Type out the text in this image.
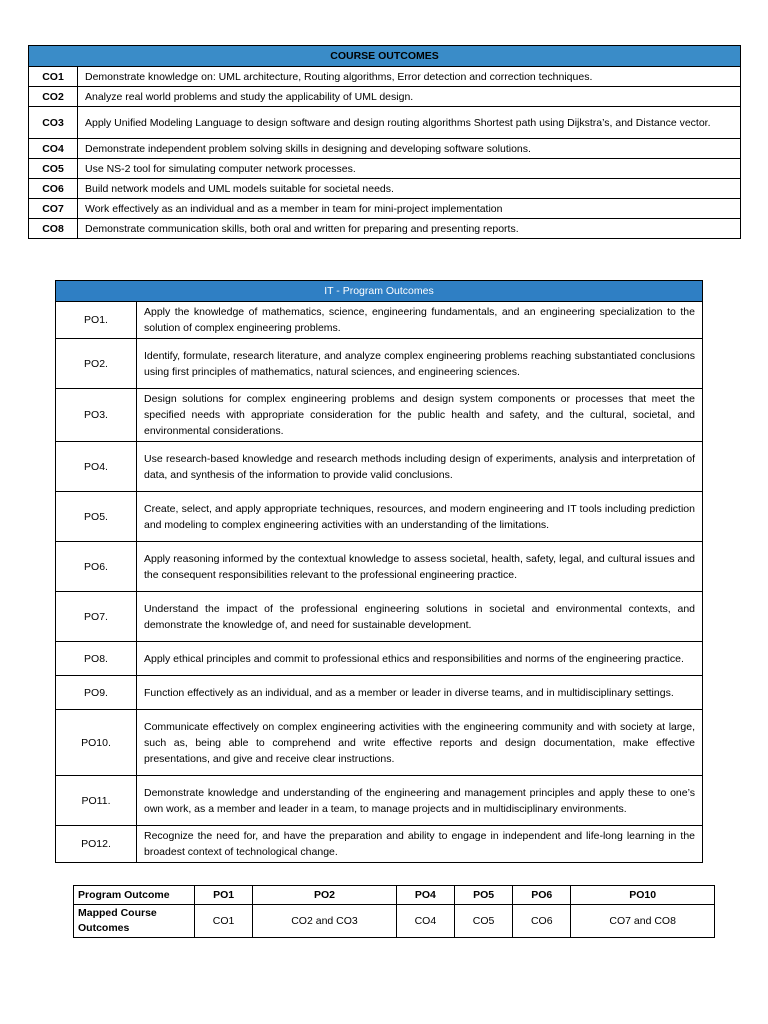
COURSE OUTCOMES	
CO1	Demonstrate knowledge on: UML architecture, Routing algorithms, Error detection and correction techniques.
CO2	Analyze real world problems and study the applicability of UML design.
CO3	Apply Unified Modeling Language to design software and design routing algorithms Shortest path using Dijkstra’s, and Distance vector.
CO4	Demonstrate independent problem solving skills in designing and developing software solutions.
CO5	Use NS-2 tool for simulating computer network processes.
CO6	Build network models and UML models suitable for societal needs.
CO7	Work effectively as an individual and as a member in team for mini-project implementation
CO8	Demonstrate communication skills, both oral and written for preparing and presenting reports.
IT - Program Outcomes	
PO1.	Apply the knowledge of mathematics, science, engineering fundamentals, and an engineering specialization to the solution of complex engineering problems.
PO2.	Identify, formulate, research literature, and analyze complex engineering problems reaching substantiated conclusions using first principles of mathematics, natural sciences, and engineering sciences.
PO3.	Design solutions for complex engineering problems and design system components or processes that meet the specified needs with appropriate consideration for the public health and safety, and the cultural, societal, and environmental considerations.
PO4.	Use research-based knowledge and research methods including design of experiments, analysis and interpretation of data, and synthesis of the information to provide valid conclusions.
PO5.	Create, select, and apply appropriate techniques, resources, and modern engineering and IT tools including prediction and modeling to complex engineering activities with an understanding of the limitations.
PO6.	Apply reasoning informed by the contextual knowledge to assess societal, health, safety, legal, and cultural issues and the consequent responsibilities relevant to the professional engineering practice.
PO7.	Understand the impact of the professional engineering solutions in societal and environmental contexts, and demonstrate the knowledge of, and need for sustainable development.
PO8.	Apply ethical principles and commit to professional ethics and responsibilities and norms of the engineering practice.
PO9.	Function effectively as an individual, and as a member or leader in diverse teams, and in multidisciplinary settings.
PO10.	Communicate effectively on complex engineering activities with the engineering community and with society at large, such as, being able to comprehend and write effective reports and design documentation, make effective presentations, and give and receive clear instructions.
PO11.	Demonstrate knowledge and understanding of the engineering and management principles and apply these to one’s own work, as a member and leader in a team, to manage projects and in multidisciplinary environments.
PO12.	Recognize the need for, and have the preparation and ability to engage in independent and life-long learning in the broadest context of technological change.
Program Outcome	PO1	PO2	PO4	PO5	PO6	PO10
Mapped Course Outcomes	CO1	CO2 and CO3	CO4	CO5	CO6	CO7 and CO8
